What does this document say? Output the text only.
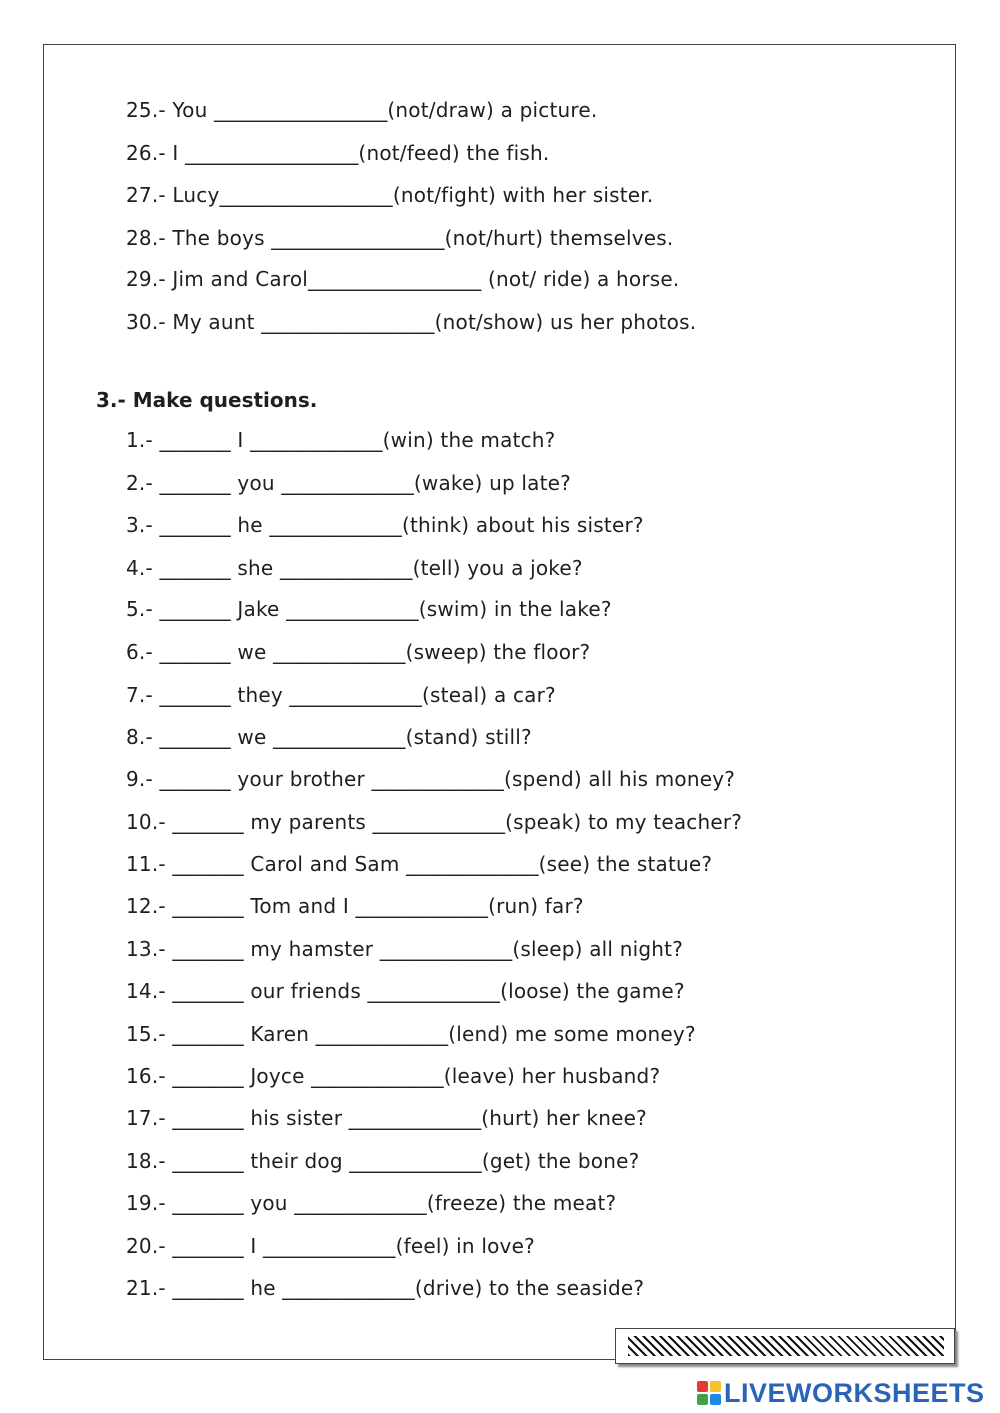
25.- You _________________(not/draw) a picture.
26.- I _________________(not/feed) the fish.
27.- Lucy_________________(not/fight) with her sister.
28.- The boys _________________(not/hurt) themselves.
29.- Jim and Carol_________________ (not/ ride) a horse.
30.- My aunt _________________(not/show) us her photos.
3.- Make questions.
1.- _______ I _____________(win) the match?
2.- _______ you _____________(wake) up late?
3.- _______ he _____________(think) about his sister?
4.- _______ she _____________(tell) you a joke?
5.- _______ Jake _____________(swim) in the lake?
6.- _______ we _____________(sweep) the floor?
7.- _______ they _____________(steal) a car?
8.- _______ we _____________(stand) still?
9.- _______ your brother _____________(spend) all his money?
10.- _______ my parents _____________(speak) to my teacher?
11.- _______ Carol and Sam _____________(see) the statue?
12.- _______ Tom and I _____________(run) far?
13.- _______ my hamster _____________(sleep) all night?
14.- _______ our friends _____________(loose) the game?
15.- _______ Karen _____________(lend) me some money?
16.- _______ Joyce _____________(leave) her husband?
17.- _______ his sister _____________(hurt) her knee?
18.- _______ their dog _____________(get) the bone?
19.- _______ you _____________(freeze) the meat?
20.- _______ I _____________(feel) in love?
21.- _______ he _____________(drive) to the seaside?
LIVEWORKSHEETS
